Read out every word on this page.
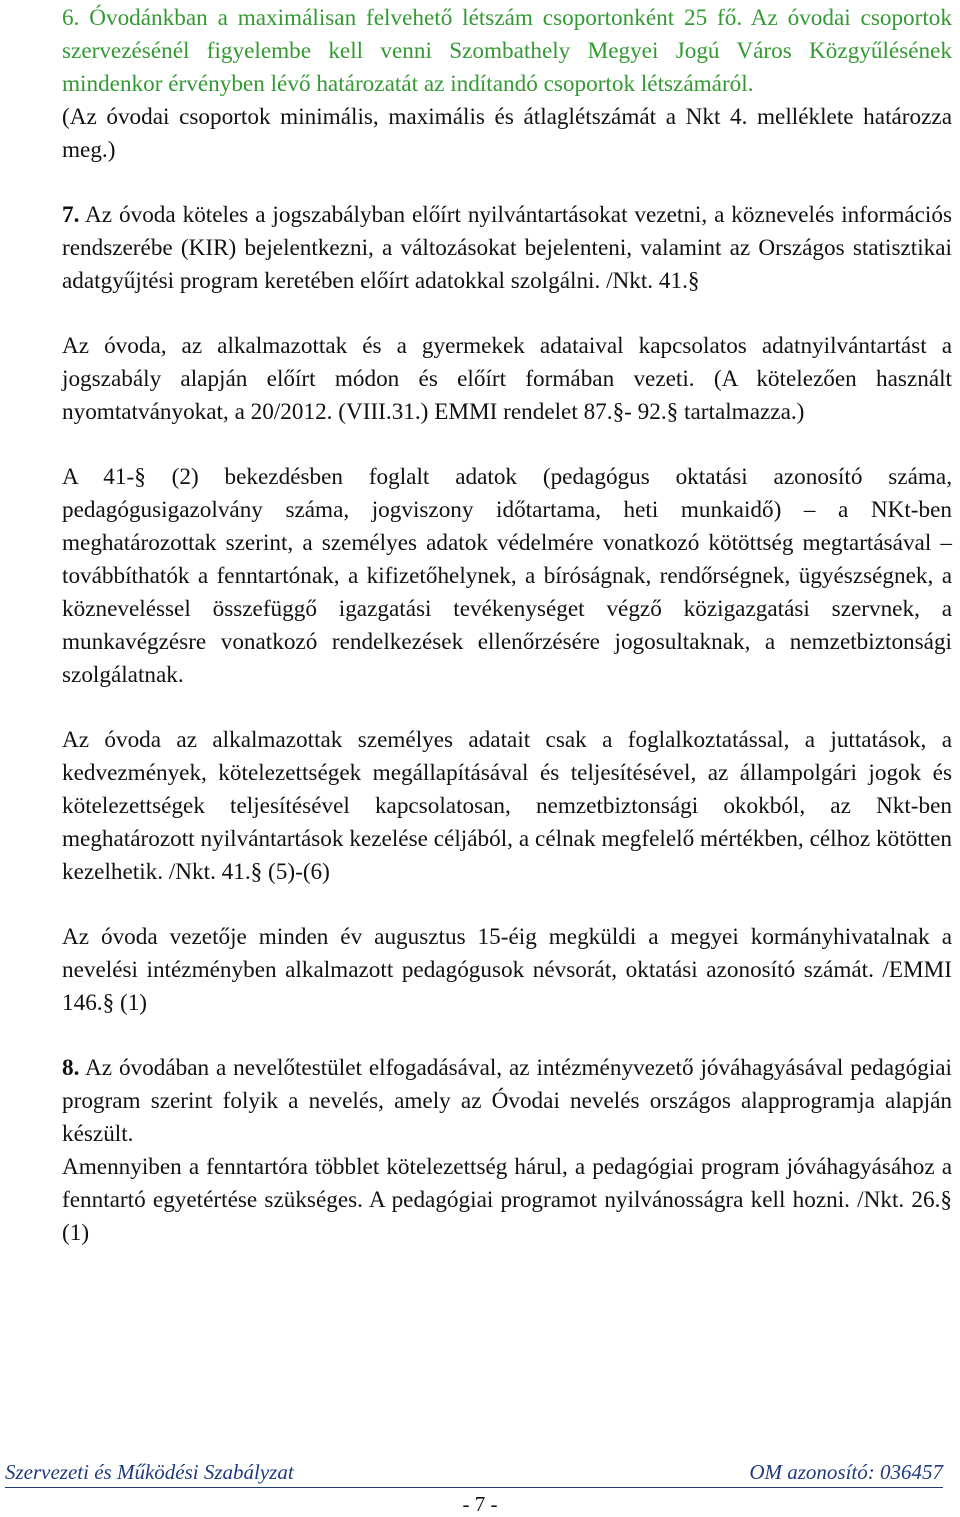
6. Óvodánkban a maximálisan felvehető létszám csoportonként 25 fő. Az óvodai csoportok szervezésénél figyelembe kell venni Szombathely Megyei Jogú Város Közgyűlésének mindenkor érvényben lévő határozatát az indítandó csoportok létszámáról.

(Az óvodai csoportok minimális, maximális és átlaglétszámát a Nkt 4. melléklete határozza meg.)

7. Az óvoda köteles a jogszabályban előírt nyilvántartásokat vezetni, a köznevelés információs rendszerébe (KIR) bejelentkezni, a változásokat bejelenteni, valamint az Országos statisztikai adatgyűjtési program keretében előírt adatokkal szolgálni. /Nkt. 41.§

Az óvoda, az alkalmazottak és a gyermekek adataival kapcsolatos adatnyilvántartást a jogszabály alapján előírt módon és előírt formában vezeti. (A kötelezően használt nyomtatványokat, a 20/2012. (VIII.31.) EMMI rendelet 87.§- 92.§ tartalmazza.)

A 41-§ (2) bekezdésben foglalt adatok (pedagógus oktatási azonosító száma, pedagógusigazolvány száma, jogviszony időtartama, heti munkaidő) – a NKt-ben meghatározottak szerint, a személyes adatok védelmére vonatkozó kötöttség megtartásával – továbbíthatók a fenntartónak, a kifizetőhelynek, a bíróságnak, rendőrségnek, ügyészségnek, a közneveléssel összefüggő igazgatási tevékenységet végző közigazgatási szervnek, a munkavégzésre vonatkozó rendelkezések ellenőrzésére jogosultaknak, a nemzetbiztonsági szolgálatnak.

Az óvoda az alkalmazottak személyes adatait csak a foglalkoztatással, a juttatások, a kedvezmények, kötelezettségek megállapításával és teljesítésével, az állampolgári jogok és kötelezettségek teljesítésével kapcsolatosan, nemzetbiztonsági okokból, az Nkt-ben meghatározott nyilvántartások kezelése céljából, a célnak megfelelő mértékben, célhoz kötötten kezelhetik. /Nkt. 41.§ (5)-(6)

Az óvoda vezetője minden év augusztus 15-éig megküldi a megyei kormányhivatalnak a nevelési intézményben alkalmazott pedagógusok névsorát, oktatási azonosító számát. /EMMI 146.§ (1)

8. Az óvodában a nevelőtestület elfogadásával, az intézményvezető jóváhagyásával pedagógiai program szerint folyik a nevelés, amely az Óvodai nevelés országos alapprogramja alapján készült.

Amennyiben a fenntartóra többlet kötelezettség hárul, a pedagógiai program jóváhagyásához a fenntartó egyetértése szükséges. A pedagógiai programot nyilvánosságra kell hozni. /Nkt. 26.§ (1)

Szervezeti és Működési Szabályzat	OM azonosító: 036457
- 7 -
